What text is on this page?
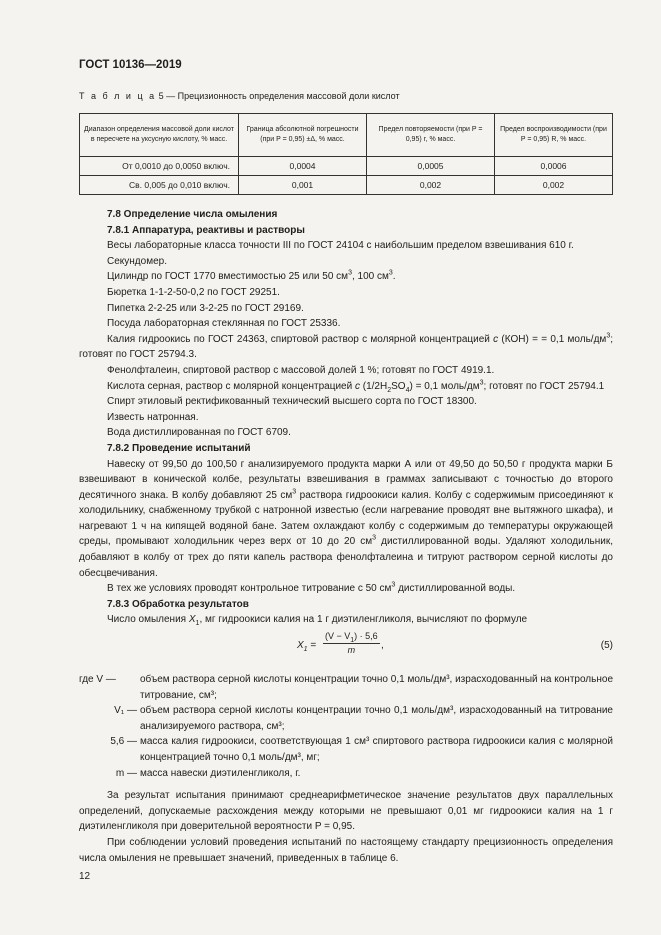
ГОСТ 10136—2019
Т а б л и ц а 5 — Прецизионность определения массовой доли кислот
Диапазон определения массовой доли кислот в пересчете на уксусную кислоту, % масс.	Граница абсолютной погрешности (при P = 0,95) ±Δ, % масс.	Предел повторяемости (при P = 0,95) r, % масс.	Предел воспроизводимости (при P = 0,95) R, % масс.
От 0,0010 до 0,0050 включ.	0,0004	0,0005	0,0006
Св. 0,005 до 0,010 включ.	0,001	0,002	0,002

7.8 Определение числа омыления

7.8.1 Аппаратура, реактивы и растворы

Весы лабораторные класса точности III по ГОСТ 24104 с наибольшим пределом взвешивания 610 г.

Секундомер.

Цилиндр по ГОСТ 1770 вместимостью 25 или 50 $см^3$, 100 $см^3$.

Бюретка 1-1-2-50-0,2 по ГОСТ 29251.

Пипетка 2-2-25 или 3-2-25 по ГОСТ 29169.

Посуда лабораторная стеклянная по ГОСТ 25336.

Калия гидроокись по ГОСТ 24363, спиртовой раствор с молярной концентрацией c (КОН) = = 0,1 моль/$дм^3$; готовят по ГОСТ 25794.3.

Фенолфталеин, спиртовой раствор с массовой долей 1 %; готовят по ГОСТ 4919.1.

Кислота серная, раствор с молярной концентрацией c $(1/2H_2SO_4) = 0,1$ моль/$дм^3$; готовят по ГОСТ 25794.1

Спирт этиловый ректификованный технический высшего сорта по ГОСТ 18300.

Известь натронная.

Вода дистиллированная по ГОСТ 6709.

7.8.2 Проведение испытаний

Навеску от 99,50 до 100,50 г анализируемого продукта марки А или от 49,50 до 50,50 г продукта марки Б взвешивают в конической колбе, результаты взвешивания в граммах записывают с точностью до второго десятичного знака. В колбу добавляют 25 $см^3$ раствора гидроокиси калия. Колбу с содержимым присоединяют к холодильнику, снабженному трубкой с натронной известью (если нагревание проводят вне вытяжного шкафа), и нагревают 1 ч на кипящей водяной бане. Затем охлаждают колбу с содержимым до температуры окружающей среды, промывают холодильник через верх от 10 до 20 $см^3$ дистиллированной воды. Удаляют холодильник, добавляют в колбу от трех до пяти капель раствора фенолфталеина и титруют раствором серной кислоты до обесцвечивания.

В тех же условиях проводят контрольное титрование с 50 $см^3$ дистиллированной воды.

7.8.3 Обработка результатов

Число омыления $X_1$, мг гидроокиси калия на 1 г диэтиленгликоля, вычисляют по формуле

$X_1 = \frac{(V - V_1) \cdot 5,6}{m}$ ,	(5)
где V —	объем раствора серной кислоты концентрации точно 0,1 моль/дм³, израсходованный на контрольное титрование, см³;
V₁ — объем раствора серной кислоты концентрации точно 0,1 моль/дм³, израсходованный на титрование анализируемого раствора, см³;
5,6 — масса калия гидроокиси, соответствующая 1 см³ спиртового раствора гидроокиси калия с молярной концентрацией точно 0,1 моль/дм³, мг;
m — масса навески диэтиленгликоля, г.

За результат испытания принимают среднеарифметическое значение результатов двух параллельных определений, допускаемые расхождения между которыми не превышают 0,01 мг гидроокиси калия на 1 г диэтиленгликоля при доверительной вероятности P = 0,95.

При соблюдении условий проведения испытаний по настоящему стандарту прецизионность определения числа омыления не превышает значений, приведенных в таблице 6.

12
